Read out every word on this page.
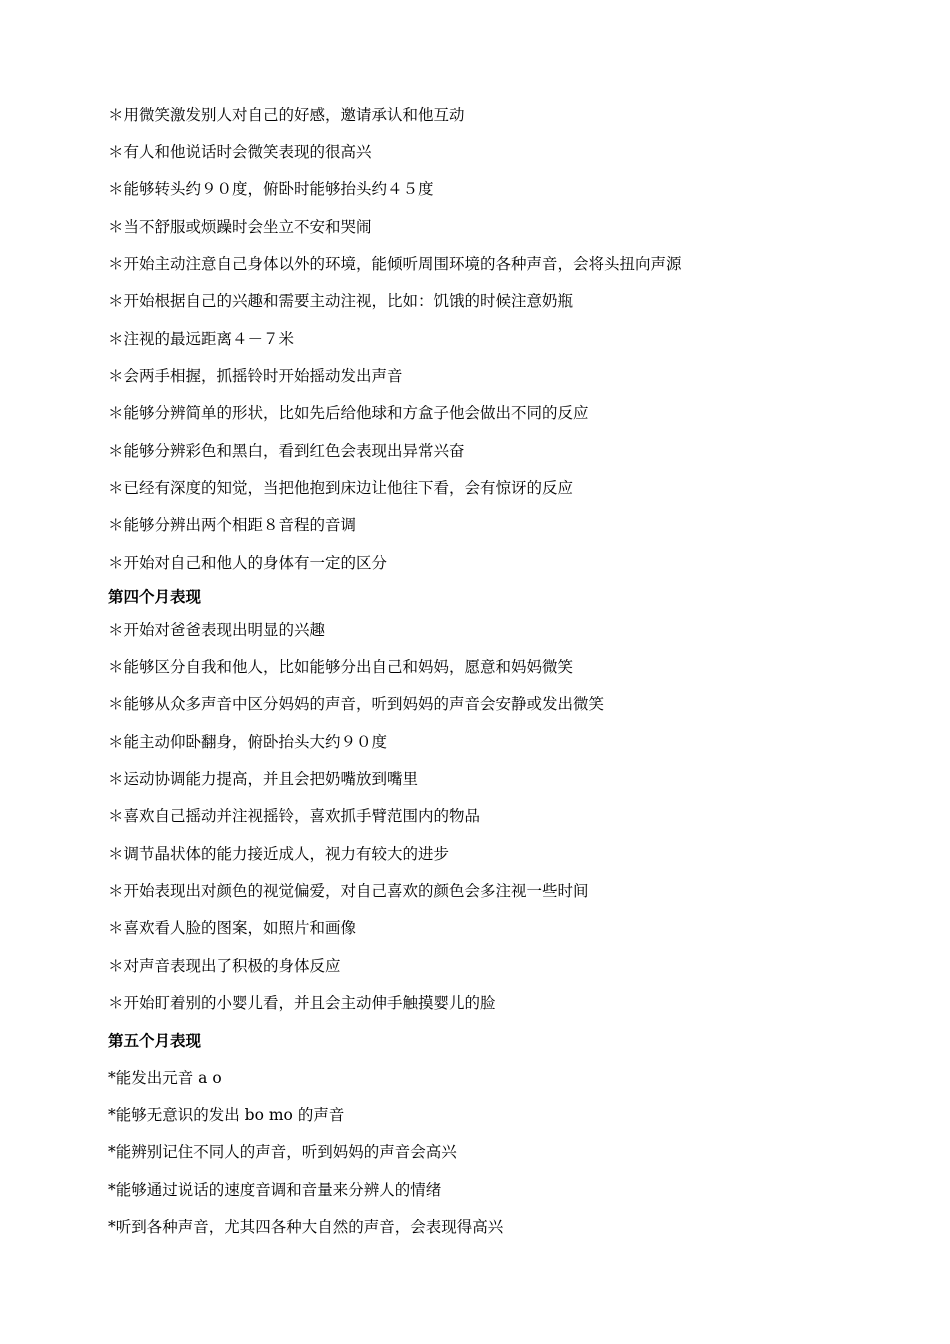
＊用微笑激发别人对自己的好感，邀请承认和他互动

＊有人和他说话时会微笑表现的很高兴

＊能够转头约９０度，俯卧时能够抬头约４５度

＊当不舒服或烦躁时会坐立不安和哭闹

＊开始主动注意自己身体以外的环境，能倾听周围环境的各种声音，会将头扭向声源

＊开始根据自己的兴趣和需要主动注视，比如：饥饿的时候注意奶瓶

＊注视的最远距离４－７米

＊会两手相握，抓摇铃时开始摇动发出声音

＊能够分辨简单的形状，比如先后给他球和方盒子他会做出不同的反应

＊能够分辨彩色和黑白，看到红色会表现出异常兴奋

＊已经有深度的知觉，当把他抱到床边让他往下看，会有惊讶的反应

＊能够分辨出两个相距８音程的音调

＊开始对自己和他人的身体有一定的区分

第四个月表现

＊开始对爸爸表现出明显的兴趣

＊能够区分自我和他人，比如能够分出自己和妈妈，愿意和妈妈微笑

＊能够从众多声音中区分妈妈的声音，听到妈妈的声音会安静或发出微笑

＊能主动仰卧翻身，俯卧抬头大约９０度

＊运动协调能力提高，并且会把奶嘴放到嘴里

＊喜欢自己摇动并注视摇铃，喜欢抓手臂范围内的物品

＊调节晶状体的能力接近成人，视力有较大的进步

＊开始表现出对颜色的视觉偏爱，对自己喜欢的颜色会多注视一些时间

＊喜欢看人脸的图案，如照片和画像

＊对声音表现出了积极的身体反应

＊开始盯着别的小婴儿看，并且会主动伸手触摸婴儿的脸

第五个月表现

*能发出元音 a o

*能够无意识的发出 bo mo 的声音

*能辨别记住不同人的声音，听到妈妈的声音会高兴

*能够通过说话的速度音调和音量来分辨人的情绪

*听到各种声音，尤其四各种大自然的声音，会表现得高兴
